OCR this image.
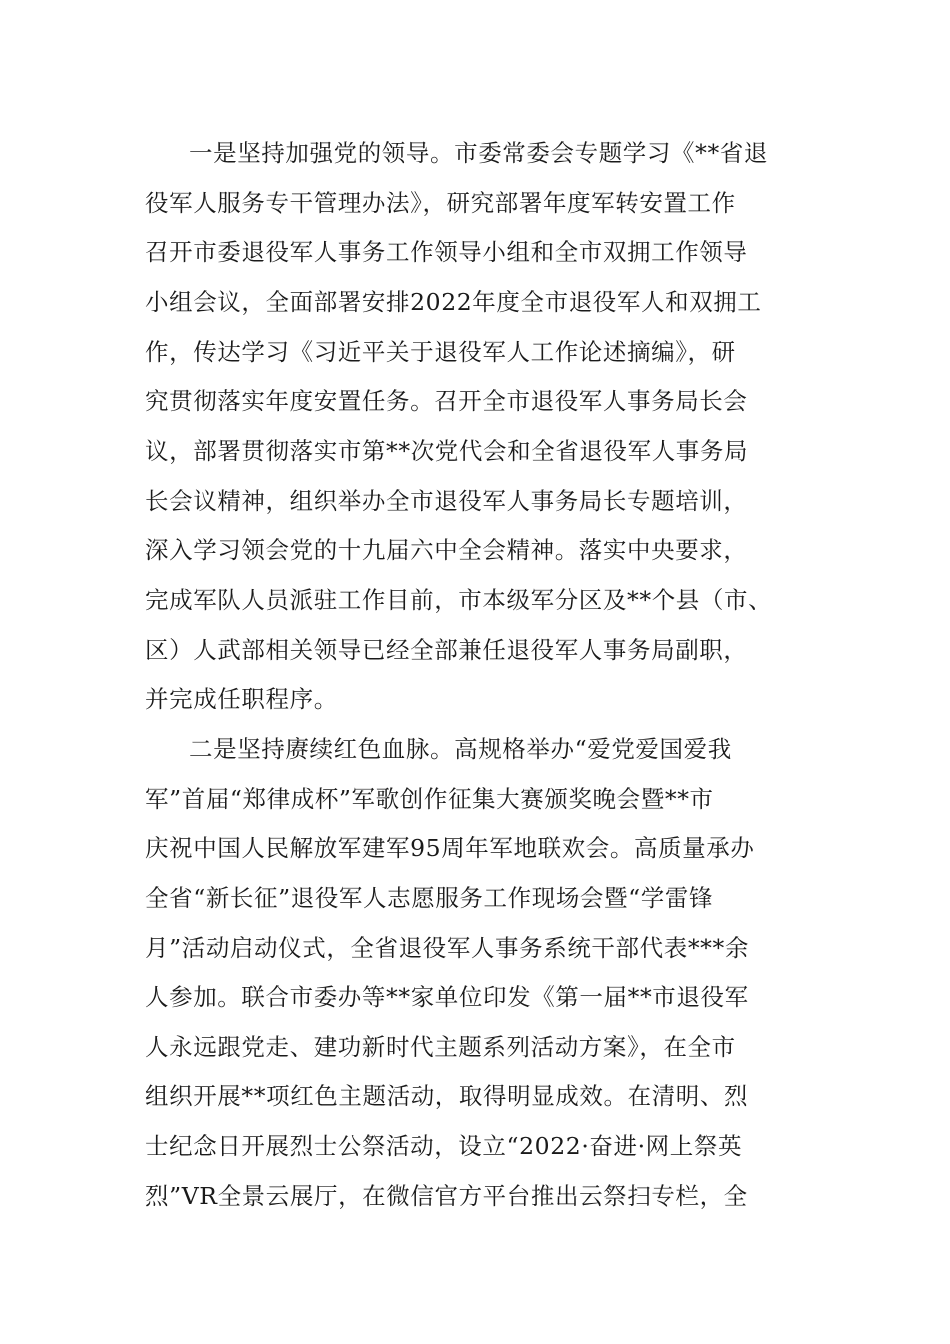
一是坚持加强党的领导。市委常委会专题学习《**省退
役军人服务专干管理办法》，研究部署年度军转安置工作
召开市委退役军人事务工作领导小组和全市双拥工作领导
小组会议，全面部署安排2022年度全市退役军人和双拥工
作，传达学习《习近平关于退役军人工作论述摘编》，研
究贯彻落实年度安置任务。召开全市退役军人事务局长会
议，部署贯彻落实市第**次党代会和全省退役军人事务局
长会议精神，组织举办全市退役军人事务局长专题培训，
深入学习领会党的十九届六中全会精神。落实中央要求，
完成军队人员派驻工作目前，市本级军分区及**个县（市、
区）人武部相关领导已经全部兼任退役军人事务局副职，
并完成任职程序。
二是坚持赓续红色血脉。高规格举办“爱党爱国爱我
军”首届“郑律成杯”军歌创作征集大赛颁奖晚会暨**市
庆祝中国人民解放军建军95周年军地联欢会。高质量承办
全省“新长征”退役军人志愿服务工作现场会暨“学雷锋
月”活动启动仪式，全省退役军人事务系统干部代表***余
人参加。联合市委办等**家单位印发《第一届**市退役军
人永远跟党走、建功新时代主题系列活动方案》，在全市
组织开展**项红色主题活动，取得明显成效。在清明、烈
士纪念日开展烈士公祭活动，设立“2022·奋进·网上祭英
烈”VR全景云展厅，在微信官方平台推出云祭扫专栏，全
